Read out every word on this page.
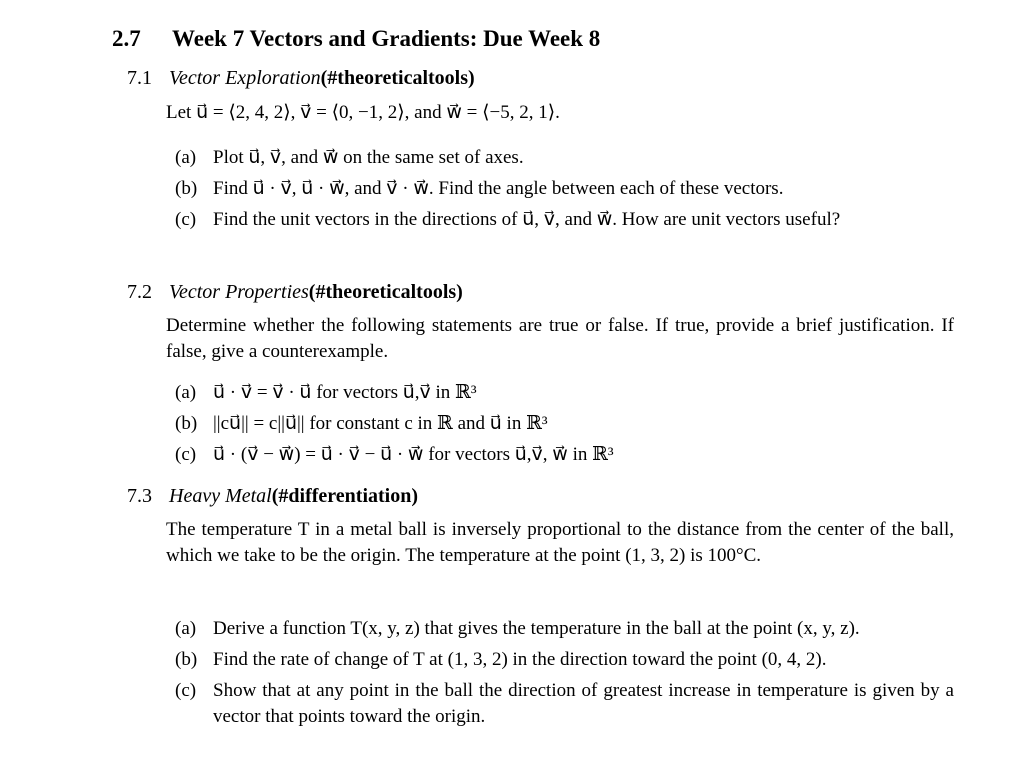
2.7 Week 7 Vectors and Gradients: Due Week 8
7.1 Vector Exploration(#theoreticaltools)
Let u⃗ = ⟨2, 4, 2⟩, v⃗ = ⟨0, −1, 2⟩, and w⃗ = ⟨−5, 2, 1⟩.
(a) Plot u⃗, v⃗, and w⃗ on the same set of axes.
(b) Find u⃗ · v⃗, u⃗ · w⃗, and v⃗ · w⃗. Find the angle between each of these vectors.
(c) Find the unit vectors in the directions of u⃗, v⃗, and w⃗. How are unit vectors useful?
7.2 Vector Properties(#theoreticaltools)
Determine whether the following statements are true or false. If true, provide a brief justification. If false, give a counterexample.
(a) u⃗ · v⃗ = v⃗ · u⃗ for vectors u⃗,v⃗ in ℝ³
(b) ||cu⃗|| = c||u⃗|| for constant c in ℝ and u⃗ in ℝ³
(c) u⃗ · (v⃗ − w⃗) = u⃗ · v⃗ − u⃗ · w⃗ for vectors u⃗,v⃗, w⃗ in ℝ³
7.3 Heavy Metal(#differentiation)
The temperature T in a metal ball is inversely proportional to the distance from the center of the ball, which we take to be the origin. The temperature at the point (1, 3, 2) is 100°C.
(a) Derive a function T(x, y, z) that gives the temperature in the ball at the point (x, y, z).
(b) Find the rate of change of T at (1, 3, 2) in the direction toward the point (0, 4, 2).
(c) Show that at any point in the ball the direction of greatest increase in temperature is given by a vector that points toward the origin.
